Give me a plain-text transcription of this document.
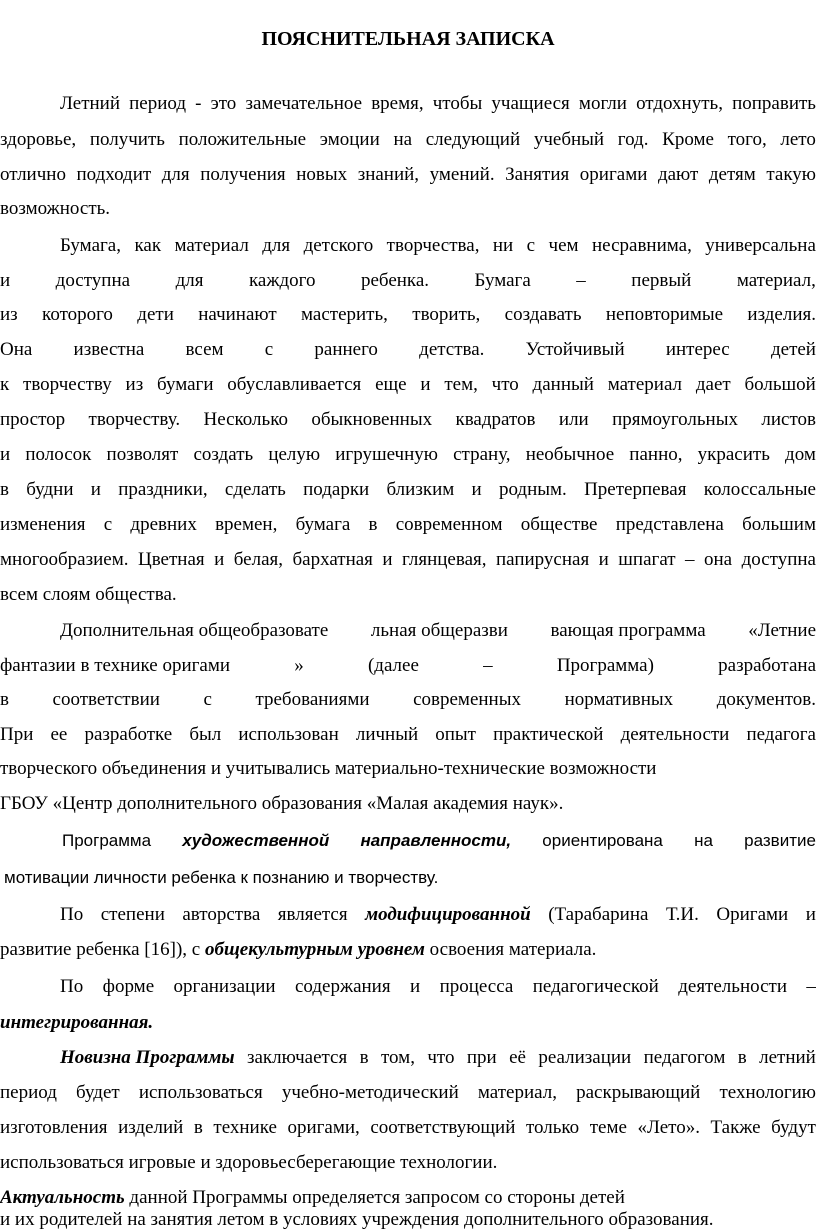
ПОЯСНИТЕЛЬНАЯ ЗАПИСКА
Летний период - это замечательное время, чтобы учащиеся могли отдохнуть, поправить
здоровье, получить положительные эмоции на следующий учебный год. Кроме того, лето
отлично подходит для получения новых знаний, умений. Занятия оригами дают детям такую
возможность.
Бумага, как материал для детского творчества, ни с чем несравнима, универсальна
и доступна для каждого ребенка. Бумага – первый материал,
из которого дети начинают мастерить, творить, создавать неповторимые изделия.
Она известна всем с раннего детства. Устойчивый интерес детей
к творчеству из бумаги обуславливается еще и тем, что данный материал дает большой
простор творчеству. Несколько обыкновенных квадратов или прямоугольных листов
и полосок позволят создать целую игрушечную страну, необычное панно, украсить дом
в будни и праздники, сделать подарки близким и родным. Претерпевая колоссальные
изменения с древних времен, бумага в современном обществе представлена большим
многообразием. Цветная и белая, бархатная и глянцевая, папирусная и шпагат – она доступна
всем слоям общества.
Дополнительная общеобразовате льная общеразви вающая программа «Летние
фантазии в технике оригами	»	(далее	–	Программа)	разработана
в соответствии с требованиями современных нормативных документов.
При ее разработке был использован личный опыт практической деятельности педагога
творческого объединения и учитывались материально-технические возможности
ГБОУ «Центр дополнительного образования «Малая академия наук».
Программа художественной направленности, ориентирована на развитие
мотивации личности ребенка к познанию и творчеству.
По степени авторства является модифицированной (Тарабарина Т.И. Оригами и
развитие ребенка [16]), с общекультурным уровнем освоения материала.
По форме организации содержания и процесса педагогической деятельности –
интегрированная.
Новизна Программы заключается в том, что при её реализации педагогом в летний
период будет использоваться учебно-методический материал, раскрывающий технологию
изготовления изделий в технике оригами, соответствующий только теме «Лето». Также будут
использоваться игровые и здоровьесберегающие технологии.
Актуальность данной Программы определяется запросом со стороны детей
и их родителей на занятия летом в условиях учреждения дополнительного образования.
